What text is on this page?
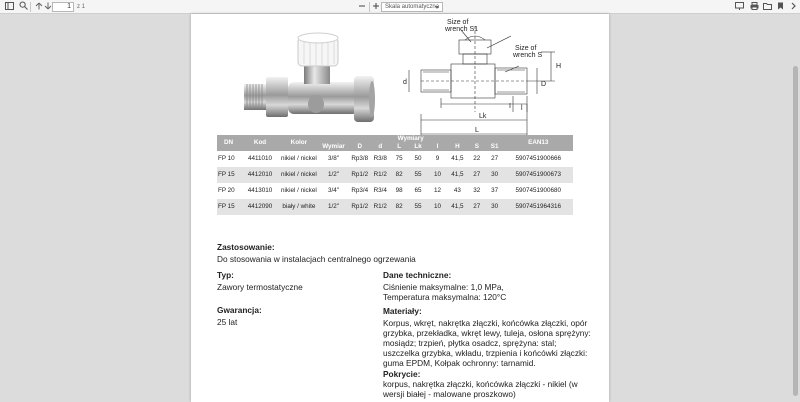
1	z 1	Skala automatyczna
Size of
wrench S1
Size of
wrench S
H
d	D
l
Lk
L
I
DN	Kod	Kolor	Wymiary									EAN13
			Wymiar	D	d	L	Lk	l	H	S	S1	
FP 10	4411010	nikiel / nickel	3/8"	Rp3/8	R3/8	75	50	9	41,5	22	27	5907451900666
FP 15	4412010	nikiel / nickel	1/2"	Rp1/2	R1/2	82	55	10	41,5	27	30	5907451900673
FP 20	4413010	nikiel / nickel	3/4"	Rp3/4	R3/4	98	65	12	43	32	37	5907451900680
FP 15	4412090	biały / white	1/2"	Rp1/2	R1/2	82	55	10	41,5	27	30	5907451964316
Zastosowanie:
Do stosowania w instalacjach centralnego ogrzewania
Typ:
Zawory termostatyczne
Gwarancja:
25 lat
Dane techniczne:
Ciśnienie maksymalne: 1,0 MPa,
Temperatura maksymalna: 120°C
Materiały:
Korpus, wkręt, nakrętka złączki, końcówka złączki, opór grzybka, przekładka, wkręt lewy, tuleja, osłona sprężyny: mosiądz; trzpień, płytka osadcz, sprężyna: stal; uszczelka grzybka, wkładu, trzpienia i końcówki złączki: guma EPDM, Kołpak ochronny: tarnamid.
Pokrycie:
korpus, nakrętka złączki, końcówka złączki - nikiel (w wersji białej - malowane proszkowo)
